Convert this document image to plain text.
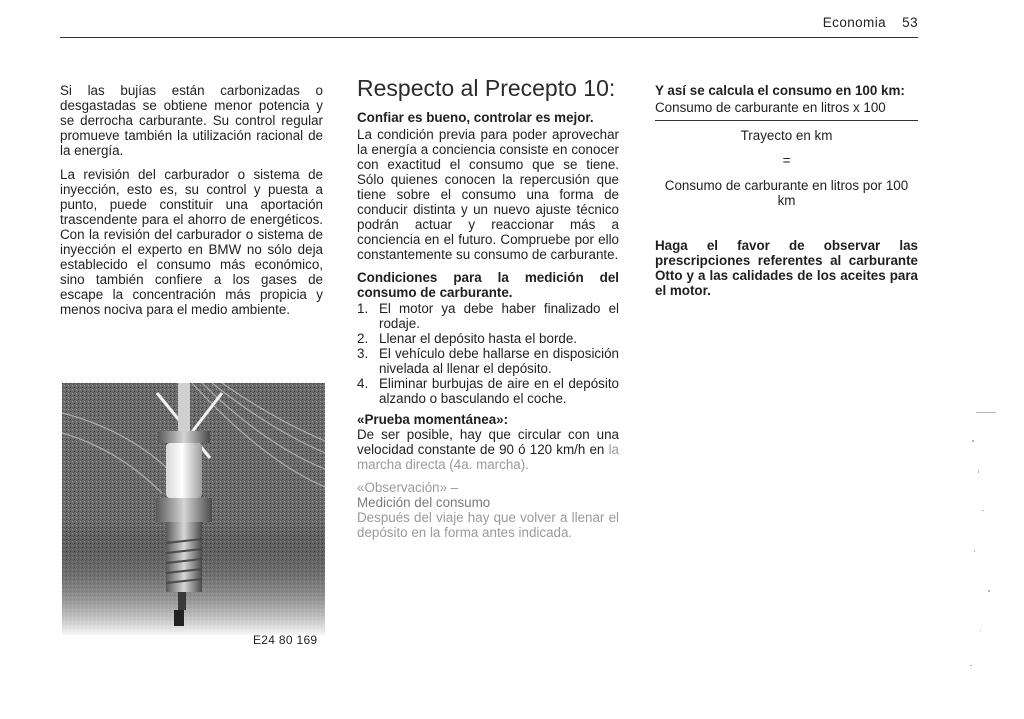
Economia 53

Si las bujías están carbonizadas o desgastadas se obtiene menor potencia y se derrocha carburante. Su control regular promueve también la utilización racional de la energía.

La revisión del carburador o sistema de inyección, esto es, su control y puesta a punto, puede constituir una aportación trascendente para el ahorro de energéticos. Con la revisión del carburador o sistema de inyección el experto en BMW no sólo deja establecido el consumo más económico, sino también confiere a los gases de escape la concentración más propicia y menos nociva para el medio ambiente.

E24 80 169
Respecto al Precepto 10:

Confiar es bueno, controlar es mejor.

La condición previa para poder aprovechar la energía a conciencia consiste en conocer con exactitud el consumo que se tiene. Sólo quienes conocen la repercusión que tiene sobre el consumo una forma de conducir distinta y un nuevo ajuste técnico podrán actuar y reaccionar más a conciencia en el futuro. Compruebe por ello constantemente su consumo de carburante.

Condiciones para la medición del consumo de carburante.

1. El motor ya debe haber finalizado el rodaje.
2. Llenar el depósito hasta el borde.
3. El vehículo debe hallarse en disposición nivelada al llenar el depósito.
4. Eliminar burbujas de aire en el depósito alzando o basculando el coche.

«Prueba momentánea»:

De ser posible, hay que circular con una velocidad constante de 90 ó 120 km/h en la marcha directa (4a. marcha).

«Observación» –
Medición del consumo

Después del viaje hay que volver a llenar el depósito en la forma antes indicada.

Y así se calcula el consumo en 100 km:

Consumo de carburante en litros x 100
Trayecto en km
=
Consumo de carburante en litros por 100 km

Haga el favor de observar las prescripciones referentes al carburante Otto y a las calidades de los aceites para el motor.
